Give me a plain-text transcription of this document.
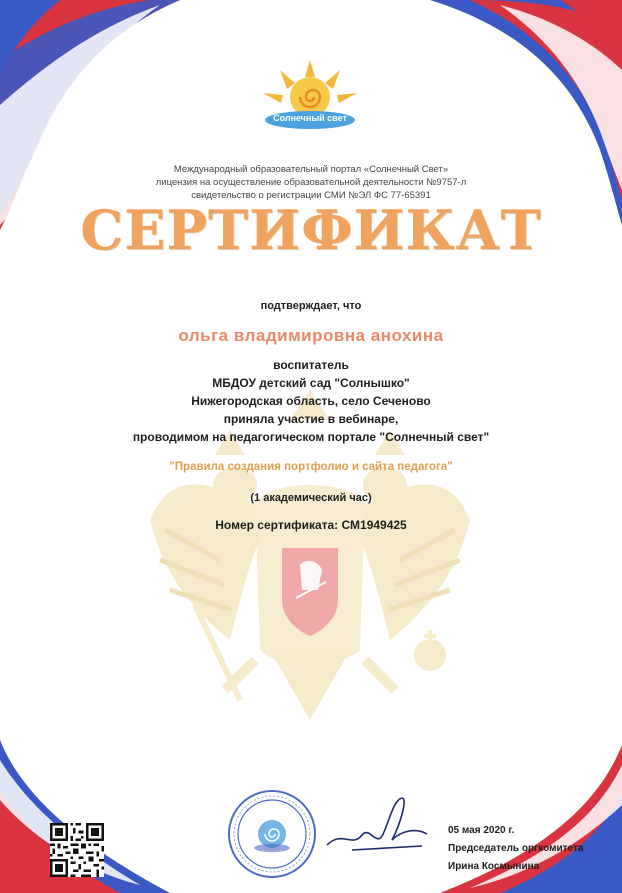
Солнечный свет
Международный образовательный портал «Солнечный Свет»
лицензия на осуществление образовательной деятельности №9757-л
свидетельство о регистрации СМИ №ЭЛ ФС 77-65391
СЕРТИФИКАТ
подтверждает, что
ольга владимировна анохина
воспитатель
МБДОУ детский сад "Солнышко"
Нижегородская область, село Сеченово
приняла участие в вебинаре,
проводимом на педагогическом портале "Солнечный свет"
"Правила создания портфолио и сайта педагога"
(1 академический час)
Номер сертификата: СМ1949425
05 мая 2020 г.
Председатель оргкомитета
Ирина Космынина
